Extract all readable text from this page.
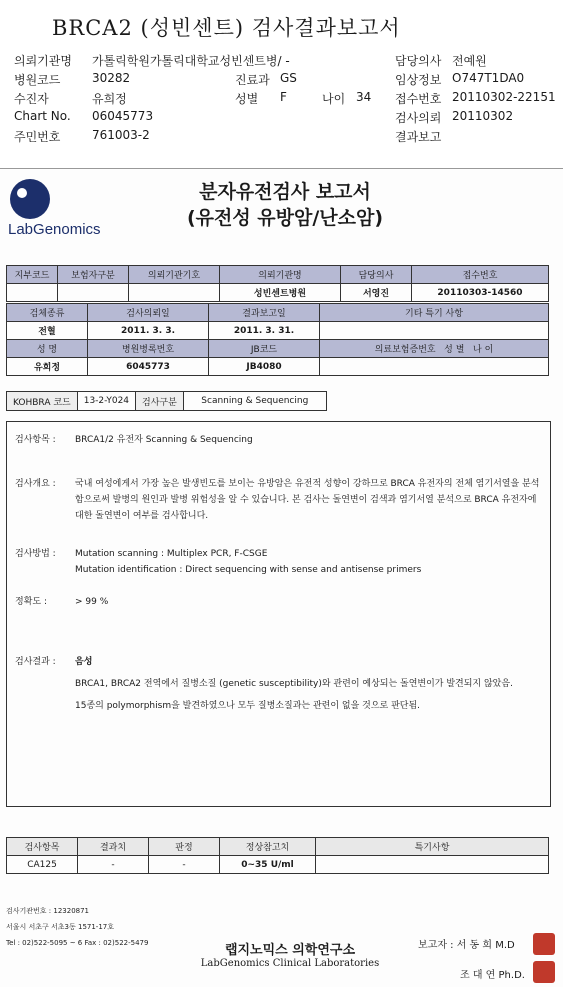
BRCA2 (성빈센트) 검사결과보고서
의뢰기관명 가톨릭학원가톨릭대학교성빈센트병/ -	담당의사 전예원
병원코드	30282	진료과 GS	임상정보 O747T1DA0
수진자	유희정	성별 F	나이 34 접수번호 20110302-22151
Chart No. 06045773	검사의뢰 20110302
주민번호	761003-2	결과보고
LabGenomics
분자유전검사 보고서
(유전성 유방암/난소암)
지부코드	보험자구분	의뢰기관기호	의뢰기관명	담당의사	접수번호
			성빈센트병원	서영진	20110303-14560
검체종류	검사의뢰일	결과보고일	기타 특기 사항
전혈	2011. 3. 3.	2011. 3. 31.	
성 명	병원병록번호	JB코드	의료보험증번호 성 별 나 이
유희정	6045773	JB4080	
KOHBRA 코드	13-2-Y024	검사구분	Scanning & Sequencing
검사항목 :	BRCA1/2 유전자 Scanning & Sequencing
검사개요 :	국내 여성에게서 가장 높은 발생빈도를 보이는 유방암은 유전적 성향이 강하므로 BRCA 유전자의 전체 염기서열을 분석함으로써 발병의 원인과 발병 위험성을 알 수 있습니다. 본 검사는 돌연변이 검색과 염기서열 분석으로 BRCA 유전자에 대한 돌연변이 여부를 검사합니다.
검사방법 :	Mutation scanning : Multiplex PCR, F-CSGE
Mutation identification : Direct sequencing with sense and antisense primers
정확도 :	> 99 %
검사결과 :	음성
BRCA1, BRCA2 전역에서 질병소질 (genetic susceptibility)와 관련이 예상되는 돌연변이가 발견되지 않았음.
15종의 polymorphism을 발견하였으나 모두 질병소질과는 관련이 없을 것으로 판단됨.
검사항목	결과치	판정	정상참고치	특기사항
CA125	-	-	0~35 U/ml	
검사기관번호 : 12320871
서울시 서초구 서초3동 1571-17호
Tel : 02)522-5095 ~ 6 Fax : 02)522-5479	랩지노믹스 의학연구소
LabGenomics Clinical Laboratories
보고자 : 서 동 희 M.D
조 대 연 Ph.D.
